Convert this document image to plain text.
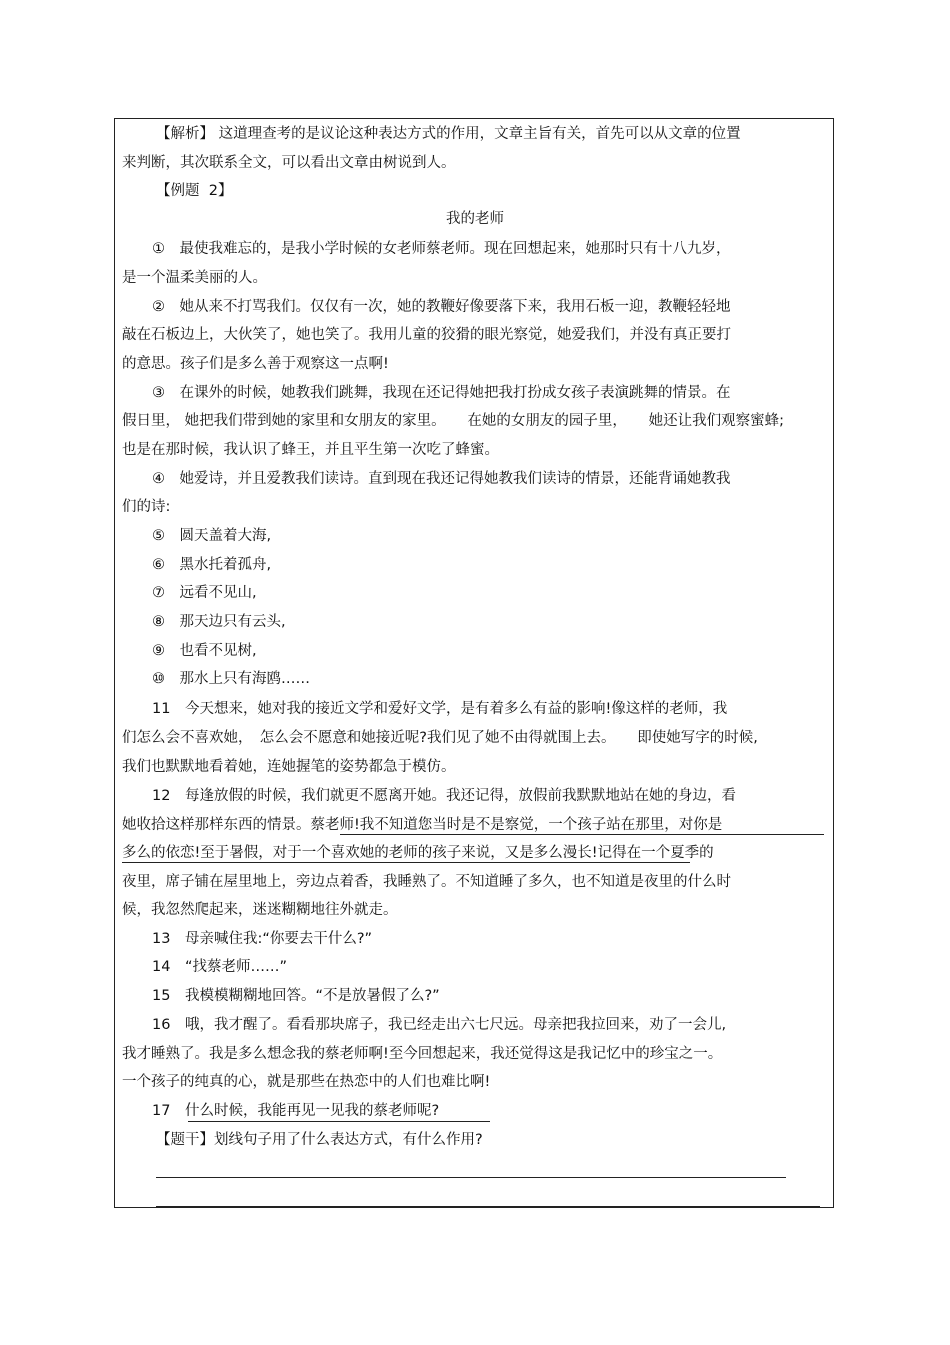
【解析】 这道理查考的是议论这种表达方式的作用，文章主旨有关，首先可以从文章的位置
来判断，其次联系全文，可以看出文章由树说到人。
【例题  2】
我的老师
①　最使我难忘的，是我小学时候的女老师蔡老师。现在回想起来，她那时只有十八九岁，
是一个温柔美丽的人。
②　她从来不打骂我们。仅仅有一次，她的教鞭好像要落下来，我用石板一迎，教鞭轻轻地
敲在石板边上，大伙笑了，她也笑了。我用儿童的狡猾的眼光察觉，她爱我们，并没有真正要打
的意思。孩子们是多么善于观察这一点啊!
③　在课外的时候，她教我们跳舞，我现在还记得她把我打扮成女孩子表演跳舞的情景。在
假日里， 她把我们带到她的家里和女朋友的家里。　　在她的女朋友的园子里，　　她还让我们观察蜜蜂;
也是在那时候，我认识了蜂王，并且平生第一次吃了蜂蜜。
④　她爱诗，并且爱教我们读诗。直到现在我还记得她教我们读诗的情景，还能背诵她教我
们的诗:
⑤　圆天盖着大海,
⑥　黑水托着孤舟,
⑦　远看不见山,
⑧　那天边只有云头,
⑨　也看不见树,
⑩　那水上只有海鸥……
11　今天想来，她对我的接近文学和爱好文学，是有着多么有益的影响!像这样的老师，我
们怎么会不喜欢她，　怎么会不愿意和她接近呢?我们见了她不由得就围上去。　　即使她写字的时候,
我们也默默地看着她，连她握笔的姿势都急于模仿。
12　每逢放假的时候，我们就更不愿离开她。我还记得，放假前我默默地站在她的身边，看
她收拾这样那样东西的情景。蔡老师!我不知道您当时是不是察觉，一个孩子站在那里，对你是
多么的依恋!至于暑假，对于一个喜欢她的老师的孩子来说，又是多么漫长!记得在一个夏季的
夜里，席子铺在屋里地上，旁边点着香，我睡熟了。不知道睡了多久，也不知道是夜里的什么时
候，我忽然爬起来，迷迷糊糊地往外就走。
13　母亲喊住我:“你要去干什么?”
14　“找蔡老师……”
15　我模模糊糊地回答。“不是放暑假了么?”
16　哦，我才醒了。看看那块席子，我已经走出六七尺远。母亲把我拉回来，劝了一会儿,
我才睡熟了。我是多么想念我的蔡老师啊!至今回想起来，我还觉得这是我记忆中的珍宝之一。
一个孩子的纯真的心，就是那些在热恋中的人们也难比啊!
17　什么时候，我能再见一见我的蔡老师呢?
【题干】划线句子用了什么表达方式，有什么作用?
